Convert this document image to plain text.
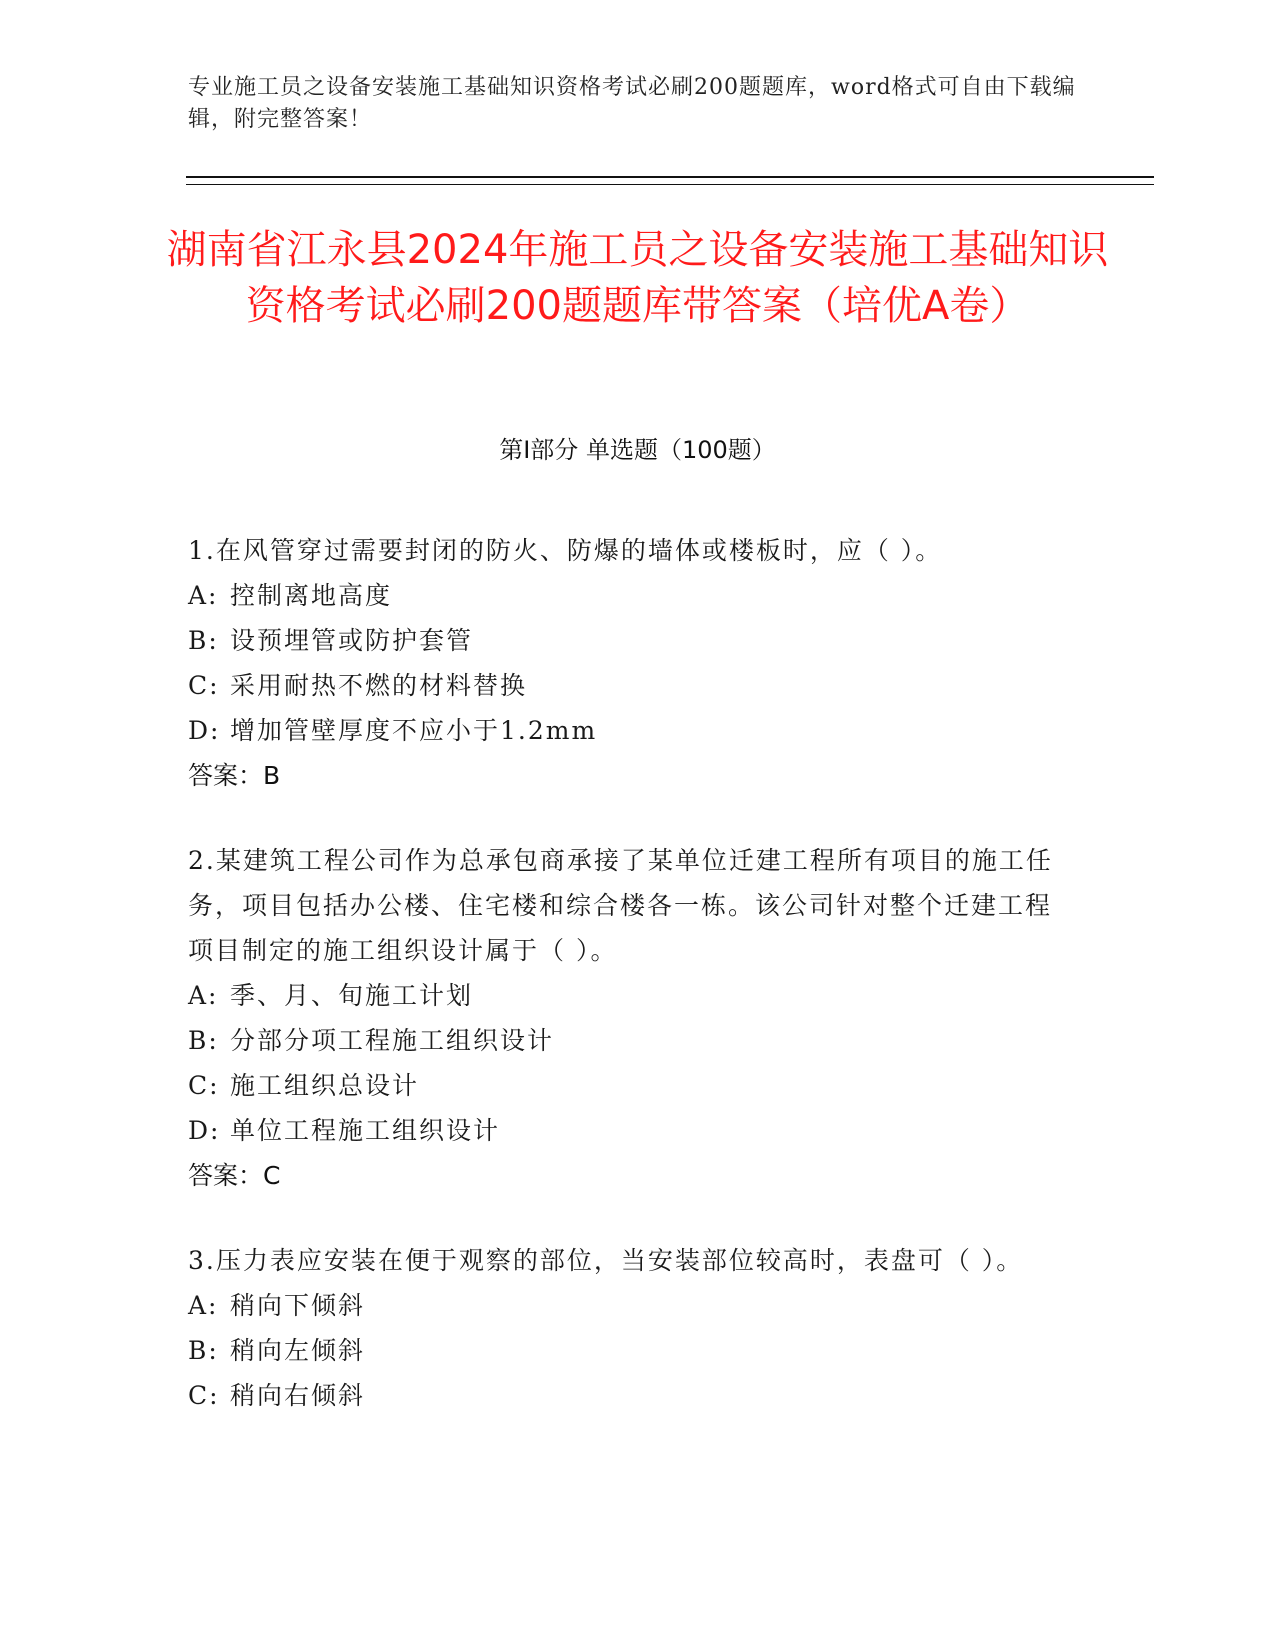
专业施工员之设备安装施工基础知识资格考试必刷200题题库，word格式可自由下载编辑，附完整答案！
湖南省江永县2024年施工员之设备安装施工基础知识资格考试必刷200题题库带答案（培优A卷）
第Ⅰ部分 单选题（100题）

1.在风管穿过需要封闭的防火、防爆的墙体或楼板时，应（ ）。

A: 控制离地高度

B: 设预埋管或防护套管

C: 采用耐热不燃的材料替换

D: 增加管壁厚度不应小于1.2mm

答案：B

2.某建筑工程公司作为总承包商承接了某单位迁建工程所有项目的施工任务，项目包括办公楼、住宅楼和综合楼各一栋。该公司针对整个迁建工程项目制定的施工组织设计属于（ ）。

A: 季、月、旬施工计划

B: 分部分项工程施工组织设计

C: 施工组织总设计

D: 单位工程施工组织设计

答案：C

3.压力表应安装在便于观察的部位，当安装部位较高时，表盘可（ ）。

A: 稍向下倾斜

B: 稍向左倾斜

C: 稍向右倾斜
